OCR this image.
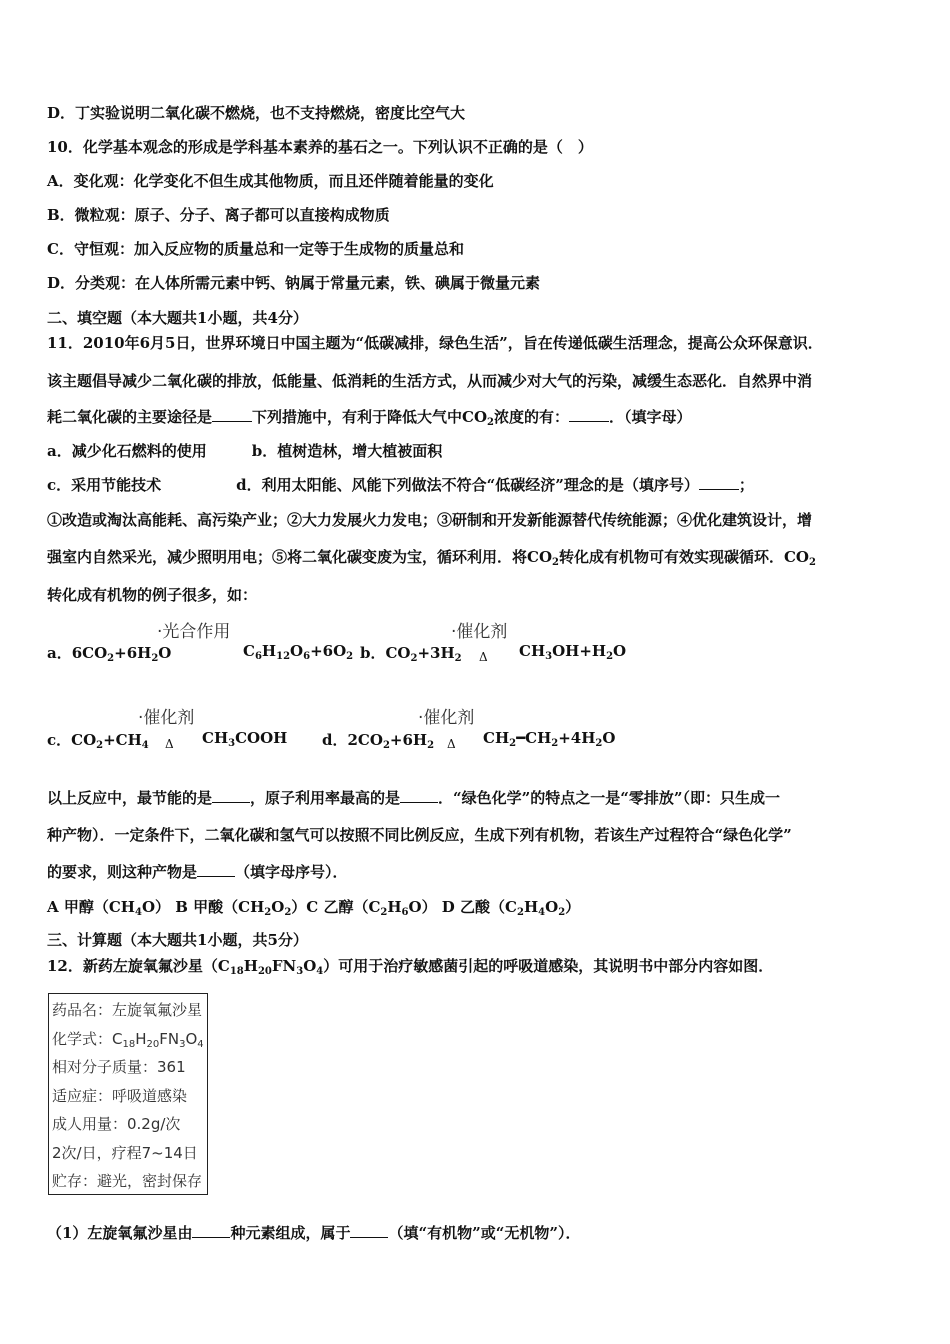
D．丁实验说明二氧化碳不燃烧，也不支持燃烧，密度比空气大
10．化学基本观念的形成是学科基本素养的基石之一。下列认识不正确的是（　）
A．变化观：化学变化不但生成其他物质，而且还伴随着能量的变化
B．微粒观：原子、分子、离子都可以直接构成物质
C．守恒观：加入反应物的质量总和一定等于生成物的质量总和
D．分类观：在人体所需元素中钙、钠属于常量元素，铁、碘属于微量元素
二、填空题（本大题共1小题，共4分）
11．2010年6月5日，世界环境日中国主题为“低碳减排，绿色生活”，旨在传递低碳生活理念，提高公众环保意识．
该主题倡导减少二氧化碳的排放，低能量、低消耗的生活方式，从而减少对大气的污染，减缓生态恶化．自然界中消
耗二氧化碳的主要途径是	下列措施中，有利于降低大气中$CO_2$浓度的有：	．（填字母）
a．减少化石燃料的使用　　　b．植树造林，增大植被面积
c．采用节能技术　　　　　d．利用太阳能、风能下列做法不符合“低碳经济”理念的是（填序号）	；
①改造或淘汰高能耗、高污染产业；②大力发展火力发电；③研制和开发新能源替代传统能源；④优化建筑设计，增
强室内自然采光，减少照明用电；⑤将二氧化碳变废为宝，循环利用．将$CO_2$转化成有机物可有效实现碳循环．$CO_2$
转化成有机物的例子很多，如：
·光合作用	·催化剂
a．$6CO_2+6H_2O$	$C_6H_{12}O_6+6O_2$ b．$CO_2+3H_2$ Δ $CH_3OH+H_2O$
·催化剂	·催化剂
c．$CO_2+CH_4$ Δ $CH_3COOH$ d．$2CO_2+6H_2$ Δ $CH_2━CH_2+4H_2O$
以上反应中，最节能的是	，原子利用率最高的是	．“绿色化学”的特点之一是“零排放”（即：只生成一
种产物）．一定条件下，二氧化碳和氢气可以按照不同比例反应，生成下列有机物，若该生产过程符合“绿色化学”
的要求，则这种产物是	（填字母序号）．
A 甲醇$(CH_4O)$ B 甲酸$(CH_2O_2)C$ 乙醇$(C_2H_6O)$ D 乙酸$(C_2H_4O_2)$
三、计算题（本大题共1小题，共5分）
12．新药左旋氧氟沙星$(C_{18}H_{20}FN_3O_4)$可用于治疗敏感菌引起的呼吸道感染，其说明书中部分内容如图．
药品名：左旋氧氟沙星
化学式：$C_{18}H_{20}FN_3O_4$
相对分子质量：361
适应症：呼吸道感染
成人用量：0.2g/次
2次/日，疗程7~14日
贮存：避光，密封保存
（1）左旋氧氟沙星由	种元素组成，属于	（填“有机物”或“无机物”）．
